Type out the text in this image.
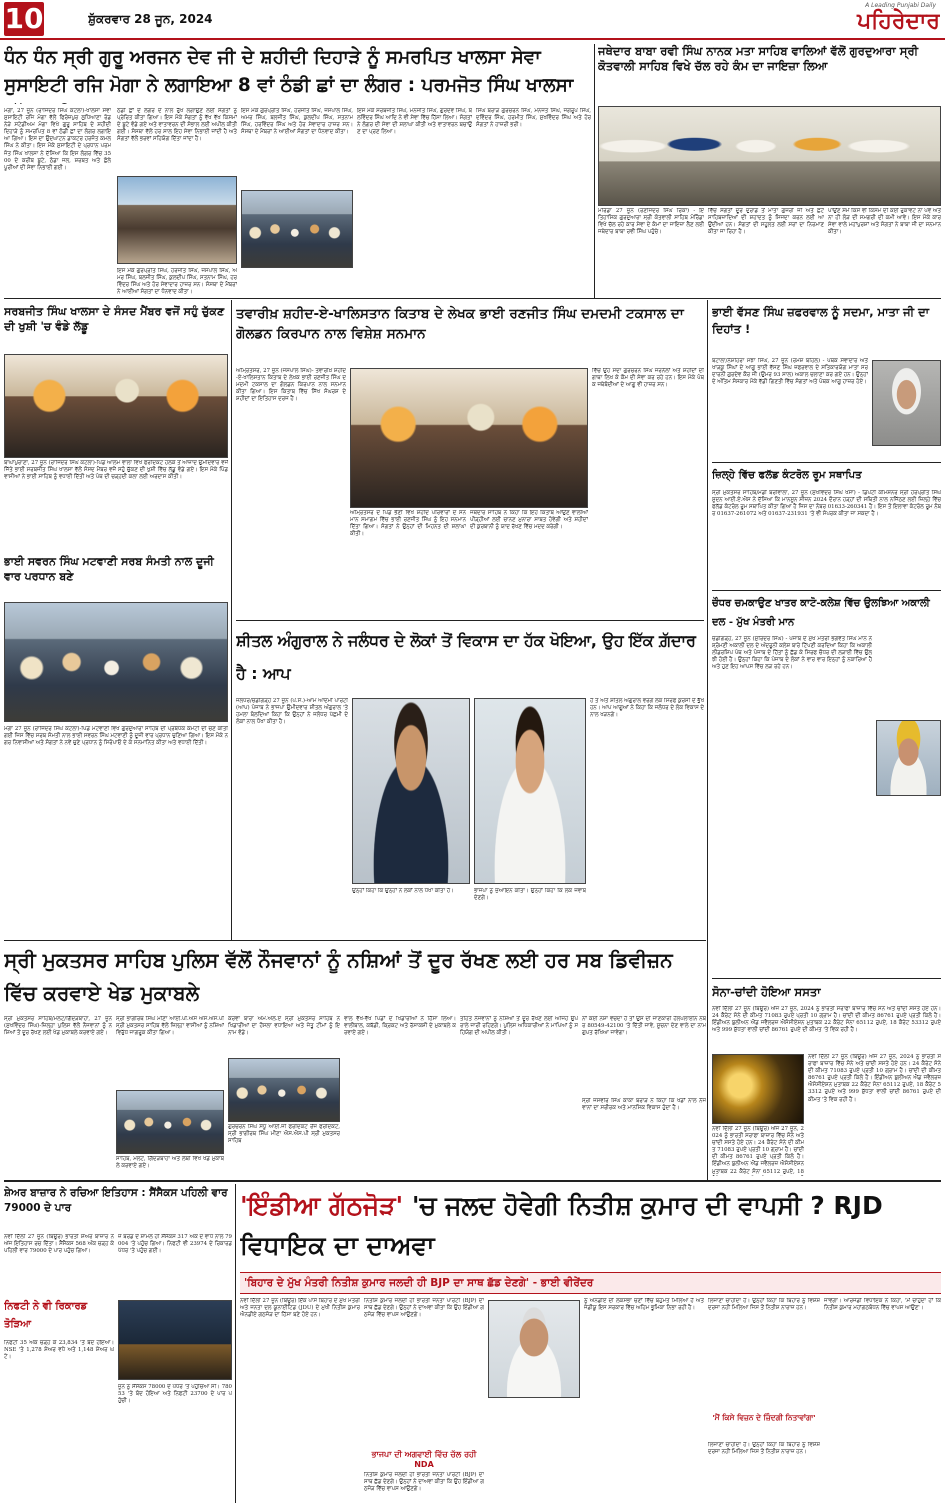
10	ਸ਼ੁੱਕਰਵਾਰ 28 ਜੂਨ, 2024
A Leading Punjabi Daily
ਪਹਿਰੇਦਾਰ
ਧੰਨ ਧੰਨ ਸ੍ਰੀ ਗੁਰੂ ਅਰਜਨ ਦੇਵ ਜੀ ਦੇ ਸ਼ਹੀਦੀ ਦਿਹਾੜੇ ਨੂੰ ਸਮਰਪਿਤ ਖਾਲਸਾ ਸੇਵਾ ਸੁਸਾਇਟੀ ਰਜਿ ਮੋਗਾ ਨੇ ਲਗਾਇਆ 8 ਵਾਂ ਠੰਡੀ ਛਾਂ ਦਾ ਲੰਗਰ : ਪਰਮਜੋਤ ਸਿੰਘ ਖਾਲਸਾ
ਮੋਗਾ, 27 ਜੂਨ (ਰਾਜਿੰਦਰ ਸਿੰਘ ਕੋਟਲਾ)-ਖਾਲਸਾ ਸੇਵਾ ਸੁਸਾਇਟੀ ਰਜਿ ਮੋਗਾ ਵੱਲੋਂ ਫਿਰੋਜ਼ਪੁਰ ਲੁਧਿਆਣਾ ਰੋਡ ਨੇੜੇ ਸਟੇਡੀਅਮ ਮੋਗਾ ਵਿਖੇ ਗੁਰੂ ਸਾਹਿਬ ਦੇ ਸ਼ਹੀਦੀ ਦਿਹਾੜੇ ਨੂੰ ਸਮਰਪਿਤ 8 ਵਾਂ ਠੰਡੀ ਛਾਂ ਦਾ ਲੰਗਰ ਲਗਾਇਆ ਗਿਆ। ਇਸ ਦਾ ਉਦਘਾਟਨ ਡਾਕਟਰ ਹਰਜੋਤ ਕਮਲ ਸਿੰਘ ਨੇ ਕੀਤਾ। ਇਸ ਮੌਕੇ ਸੁਸਾਇਟੀ ਦੇ ਪ੍ਰਧਾਨ ਪਰਮਜੋਤ ਸਿੰਘ ਖਾਲਸਾ ਨੇ ਦੱਸਿਆ ਕਿ ਇਸ ਲੰਗਰ ਵਿੱਚ 3500 ਦੇ ਕਰੀਬ ਬੂਟੇ, ਠੰਡਾ ਜਲ, ਸ਼ਰਬਤ ਅਤੇ ਛੋਲੇ ਪੂਰੀਆਂ ਦੀ ਸੇਵਾ ਨਿਭਾਈ ਗਈ।
ਠੰਡੀ ਛਾਂ ਦੇ ਲੰਗਰ ਦੇ ਨਾਲ ਰੁੱਖ ਲਗਾਉਣ ਲਈ ਸੰਗਤਾਂ ਨੂੰ ਪ੍ਰੇਰਿਤ ਕੀਤਾ ਗਿਆ। ਇਸ ਮੌਕੇ ਸੰਗਤਾਂ ਨੂੰ ਵੱਖ ਵੱਖ ਕਿਸਮਾਂ ਦੇ ਬੂਟੇ ਵੰਡੇ ਗਏ ਅਤੇ ਵਾਤਾਵਰਨ ਦੀ ਸੰਭਾਲ ਲਈ ਅਪੀਲ ਕੀਤੀ ਗਈ। ਸੰਸਥਾ ਵੱਲੋਂ ਹਰ ਸਾਲ ਇਹ ਸੇਵਾ ਨਿਭਾਈ ਜਾਂਦੀ ਹੈ ਅਤੇ ਸੰਗਤਾਂ ਵੱਲੋਂ ਭਰਵਾਂ ਸਹਿਯੋਗ ਦਿੱਤਾ ਜਾਂਦਾ ਹੈ।
ਇਸ ਮੌਕੇ ਗੁਰਪ੍ਰੀਤ ਸਿੰਘ, ਹਰਜੀਤ ਸਿੰਘ, ਜਸਪਾਲ ਸਿੰਘ, ਅਮਰ ਸਿੰਘ, ਬਲਜੀਤ ਸਿੰਘ, ਕੁਲਦੀਪ ਸਿੰਘ, ਸਤਨਾਮ ਸਿੰਘ, ਹਰਵਿੰਦਰ ਸਿੰਘ ਅਤੇ ਹੋਰ ਸੇਵਾਦਾਰ ਹਾਜ਼ਰ ਸਨ। ਸੰਸਥਾ ਦੇ ਮੈਂਬਰਾਂ ਨੇ ਆਈਆਂ ਸੰਗਤਾਂ ਦਾ ਧੰਨਵਾਦ ਕੀਤਾ।
ਇਸ ਮੌਕੇ ਸਰਬਜੀਤ ਸਿੰਘ, ਮਨਜੀਤ ਸਿੰਘ, ਗੁਰਦੇਵ ਸਿੰਘ, ਬਲਵਿੰਦਰ ਸਿੰਘ ਆਦਿ ਨੇ ਵੀ ਸੇਵਾ ਵਿੱਚ ਹਿੱਸਾ ਲਿਆ। ਸੰਗਤਾਂ ਨੇ ਲੰਗਰ ਦੀ ਸੇਵਾ ਦੀ ਸ਼ਲਾਘਾ ਕੀਤੀ ਅਤੇ ਵਾਤਾਵਰਨ ਬਚਾਉਣ ਦਾ ਪ੍ਰਣ ਲਿਆ।
ਸਿੰਘ ਬਰਾੜ ਗੁਰਚਰਨ ਸਿੰਘ, ਮਨਜਤ ਸਿੰਘ, ਜਗਰੂਪ ਸਿੰਘ, ਦਵਿੰਦਰ ਸਿੰਘ, ਹਰਮੀਤ ਸਿੰਘ, ਸੁਖਵਿੰਦਰ ਸਿੰਘ ਅਤੇ ਹੋਰ ਸੰਗਤਾਂ ਨੇ ਹਾਜ਼ਰੀ ਭਰੀ।
ਇਸ ਮੌਕੇ ਗੁਰਪ੍ਰੀਤ ਸਿੰਘ, ਹਰਜੀਤ ਸਿੰਘ, ਜਸਪਾਲ ਸਿੰਘ, ਅਮਰ ਸਿੰਘ, ਬਲਜੀਤ ਸਿੰਘ, ਕੁਲਦੀਪ ਸਿੰਘ, ਸਤਨਾਮ ਸਿੰਘ, ਹਰਵਿੰਦਰ ਸਿੰਘ ਅਤੇ ਹੋਰ ਸੇਵਾਦਾਰ ਹਾਜ਼ਰ ਸਨ। ਸੰਸਥਾ ਦੇ ਮੈਂਬਰਾਂ ਨੇ ਆਈਆਂ ਸੰਗਤਾਂ ਦਾ ਧੰਨਵਾਦ ਕੀਤਾ।
ਜਥੇਦਾਰ ਬਾਬਾ ਰਵੀ ਸਿੰਘ ਨਾਨਕ ਮਤਾ ਸਾਹਿਬ ਵਾਲਿਆਂ ਵੱਲੋਂ ਗੁਰਦੁਆਰਾ ਸ੍ਰੀ ਕੋਤਵਾਲੀ ਸਾਹਿਬ ਵਿਖੇ ਚੱਲ ਰਹੇ ਕੰਮ ਦਾ ਜਾਇਜ਼ਾ ਲਿਆ
ਮੋਰਿੰਡਾ 27 ਜੂਨ (ਰਣਜਿੰਦਰ ਸਿੰਘ ਰਿੰਕਾ) - ਇਤਿਹਾਸਿਕ ਗੁਰਦੁਆਰਾ ਸ੍ਰੀ ਕੋਤਵਾਲੀ ਸਾਹਿਬ ਮੋਰਿੰਡਾ ਵਿਖੇ ਚੱਲ ਰਹੇ ਕਾਰ ਸੇਵਾ ਦੇ ਕੰਮਾਂ ਦਾ ਜਾਇਜ਼ਾ ਲੈਣ ਲਈ ਜਥੇਦਾਰ ਬਾਬਾ ਰਵੀ ਸਿੰਘ ਪਹੁੰਚੇ।
ਵਿੱਚ ਸੰਗਤਾਂ ਦੂਰ ਦੁਰਾਡੇ ਤੋਂ ਮਾਤਾ ਗੁਜਰੀ ਜੀ ਅਤੇ ਛੋਟੇ ਸਾਹਿਬਜ਼ਾਦਿਆਂ ਦੀ ਸ਼ਹਾਦਤ ਨੂੰ ਸਿਜਦਾ ਕਰਨ ਲਈ ਆਉਂਦੀਆਂ ਹਨ। ਸੰਗਤਾਂ ਦੀ ਸਹੂਲਤ ਲਈ ਸਰਾਂ ਦਾ ਨਿਰਮਾਣ ਕੀਤਾ ਜਾ ਰਿਹਾ ਹੈ।
ਪਾਉਂਣ ਸਮੇਂ ਕਿਸੇ ਵੀ ਕਿਸਮ ਦੀ ਕੋਈ ਰੁਕਾਵਟ ਨਾ ਪਵੇ ਅਤੇ ਨਾ ਹੀ ਲੋੜ ਦੀ ਸਮਗਰੀ ਦੀ ਕਮੀ ਆਵੇ। ਇਸ ਮੌਕੇ ਕਾਰ ਸੇਵਾ ਵਾਲੇ ਮਹਾਂਪੁਰਸ਼ਾਂ ਅਤੇ ਸੰਗਤਾਂ ਨੇ ਬਾਬਾ ਜੀ ਦਾ ਸਨਮਾਨ ਕੀਤਾ।
ਸਰਬਜੀਤ ਸਿੰਘ ਖਾਲਸਾ ਦੇ ਸੰਸਦ ਮੈਂਬਰ ਵਜੋਂ ਸਹੁੰ ਚੁੱਕਣ ਦੀ ਖੁਸ਼ੀ 'ਚ ਵੰਡੇ ਲੱਡੂ
ਬਾਘਾਪੁਰਾਣਾ, 27 ਜੂਨ (ਰਾਜਿੰਦਰ ਸਿੰਘ ਕੋਟਲਾ)-ਪਿੰਡ ਆਲਮ ਵਾਲਾ ਵਿਖੇ ਫਰੀਦਕੋਟ ਹਲਕੇ ਤੋਂ ਆਜ਼ਾਦ ਉਮੀਦਵਾਰ ਵਜੋਂ ਜਿੱਤੇ ਭਾਈ ਸਰਬਜੀਤ ਸਿੰਘ ਖਾਲਸਾ ਵੱਲੋਂ ਸੰਸਦ ਮੈਂਬਰ ਵਜੋਂ ਸਹੁੰ ਚੁੱਕਣ ਦੀ ਖੁਸ਼ੀ ਵਿੱਚ ਲੱਡੂ ਵੰਡੇ ਗਏ। ਇਸ ਮੌਕੇ ਪਿੰਡ ਵਾਸੀਆਂ ਨੇ ਭਾਈ ਸਾਹਿਬ ਨੂੰ ਵਧਾਈ ਦਿੱਤੀ ਅਤੇ ਪੰਥ ਦੀ ਚੜ੍ਹਦੀ ਕਲਾ ਲਈ ਅਰਦਾਸ ਕੀਤੀ।
ਭਾਈ ਸਵਰਨ ਸਿੰਘ ਮਟਵਾਣੀ ਸਰਬ ਸੰਮਤੀ ਨਾਲ ਦੂਜੀ ਵਾਰ ਪਰਧਾਨ ਬਣੇ
ਮੋਗਾ 27 ਜੂਨ (ਰਾਜਿੰਦਰ ਸਿੰਘ ਕੋਟਲਾ)-ਪਿੰਡ ਮਟਵਾਣੀ ਵਿਖੇ ਗੁਰਦੁਆਰਾ ਸਾਹਿਬ ਦੀ ਪ੍ਰਬੰਧਕ ਕਮੇਟੀ ਦੀ ਚੋਣ ਕੀਤੀ ਗਈ ਜਿਸ ਵਿੱਚ ਸਰਬ ਸੰਮਤੀ ਨਾਲ ਭਾਈ ਸਵਰਨ ਸਿੰਘ ਮਟਵਾਣੀ ਨੂੰ ਦੂਜੀ ਵਾਰ ਪ੍ਰਧਾਨ ਚੁਣਿਆ ਗਿਆ। ਇਸ ਮੌਕੇ ਨਗਰ ਨਿਵਾਸੀਆਂ ਅਤੇ ਸੰਗਤਾਂ ਨੇ ਨਵੇਂ ਚੁਣੇ ਪ੍ਰਧਾਨ ਨੂੰ ਸਿਰੋਪਾਓ ਦੇ ਕੇ ਸਨਮਾਨਿਤ ਕੀਤਾ ਅਤੇ ਵਧਾਈ ਦਿੱਤੀ।
ਤਵਾਰੀਖ਼ ਸ਼ਹੀਦ-ਏ-ਖਾਲਿਸਤਾਨ ਕਿਤਾਬ ਦੇ ਲੇਖਕ ਭਾਈ ਰਣਜੀਤ ਸਿੰਘ ਦਮਦਮੀ ਟਕਸਾਲ ਦਾ ਗੋਲਡਨ ਕਿਰਪਾਨ ਨਾਲ ਵਿਸ਼ੇਸ਼ ਸਨਮਾਨ
ਅੰਮ੍ਰਿਤਸਰ, 27 ਜੂਨ (ਜਸਪਾਲ ਸਿੰਘ)- ਤਵਾਰੀਖ਼ ਸ਼ਹੀਦ-ਏ-ਖਾਲਿਸਤਾਨ ਕਿਤਾਬ ਦੇ ਲੇਖਕ ਭਾਈ ਰਣਜੀਤ ਸਿੰਘ ਦਮਦਮੀ ਟਕਸਾਲ ਦਾ ਗੋਲਡਨ ਕਿਰਪਾਨ ਨਾਲ ਸਨਮਾਨ ਕੀਤਾ ਗਿਆ। ਇਸ ਕਿਤਾਬ ਵਿੱਚ ਸਿੱਖ ਸੰਘਰਸ਼ ਦੇ ਸ਼ਹੀਦਾਂ ਦਾ ਇਤਿਹਾਸ ਦਰਜ ਹੈ।
ਅੰਮ੍ਰਿਤਸਰ ਦੇ ਪਿੰਡ ਭੈਣੀ ਵਿਖੇ ਸ਼ਹੀਦ ਪਰਿਵਾਰਾਂ ਦੇ ਸਨਮਾਨ ਸਮਾਗਮ ਵਿੱਚ ਭਾਈ ਰਣਜੀਤ ਸਿੰਘ ਨੂੰ ਇਹ ਸਨਮਾਨ ਦਿੱਤਾ ਗਿਆ। ਸੰਗਤਾਂ ਨੇ ਉਨ੍ਹਾਂ ਦੀ ਮਿਹਨਤ ਦੀ ਸ਼ਲਾਘਾ ਕੀਤੀ।
ਜਥੇਦਾਰ ਸਾਹਿਬ ਨੇ ਕਿਹਾ ਕਿ ਇਹ ਕਿਤਾਬ ਆਉਣ ਵਾਲੀਆਂ ਪੀੜ੍ਹੀਆਂ ਲਈ ਚਾਨਣ ਮੁਨਾਰਾ ਸਾਬਤ ਹੋਵੇਗੀ ਅਤੇ ਸ਼ਹੀਦਾਂ ਦੀ ਕੁਰਬਾਨੀ ਨੂੰ ਯਾਦ ਰੱਖਣ ਵਿੱਚ ਮਦਦ ਕਰੇਗੀ।
ਵਿੱਚ ਉਹ ਸਦਾ ਗੁਰਚਰਨ ਸਿੰਘ ਜਰਨੈਲਾਂ ਅਤੇ ਸ਼ਹੀਦਾਂ ਦੀ ਗਾਥਾ ਲਿਖ ਕੇ ਕੌਮ ਦੀ ਸੇਵਾ ਕਰ ਰਹੇ ਹਨ। ਇਸ ਮੌਕੇ ਪੰਥਕ ਜਥੇਬੰਦੀਆਂ ਦੇ ਆਗੂ ਵੀ ਹਾਜ਼ਰ ਸਨ।
ਸ਼ੀਤਲ ਅੰਗੁਰਾਲ ਨੇ ਜਲੰਧਰ ਦੇ ਲੋਕਾਂ ਤੋਂ ਵਿਕਾਸ ਦਾ ਹੱਕ ਖੋਇਆ, ਉਹ ਇੱਕ ਗ਼ੱਦਾਰ ਹੈ : ਆਪ
ਜਲੰਧਰ/ਚੰਡੀਗੜ੍ਹ 27 ਜੂਨ (ਪ.ਸ.)-ਆਮ ਆਦਮੀ ਪਾਰਟੀ (ਆਪ) ਪੰਜਾਬ ਨੇ ਭਾਜਪਾ ਉਮੀਦਵਾਰ ਸ਼ੀਤਲ ਅੰਗੁਰਾਲ 'ਤੇ ਹਮਲਾ ਬੋਲਦਿਆਂ ਕਿਹਾ ਕਿ ਉਨ੍ਹਾਂ ਨੇ ਜਲੰਧਰ ਪੱਛਮੀ ਦੇ ਲੋਕਾਂ ਨਾਲ ਧੋਖਾ ਕੀਤਾ ਹੈ।
ਉਨ੍ਹਾਂ ਕਿਹਾ ਕਿ ਉਨ੍ਹਾਂ ਨੇ ਲੋਕਾਂ ਨਾਲ ਧੋਖਾ ਕੀਤਾ ਹੈ।	ਭਾਜਪਾ ਨੂੰ ਜੁਆਇਨ ਕੀਤਾ। ਉਨ੍ਹਾਂ ਕਿਹਾ ਕਿ ਲੋਕ ਜਵਾਬ ਦੇਣਗੇ।
ਹੈ ਤੇ ਅਤੇ ਸ਼ੀਤਲ ਅੰਗੁਰਾਲ ਵਰਗੇ ਲੋਕ ਸਿਰਫ ਕੁਰਸੀ ਦੇ ਭੁੱਖੇ ਹਨ। ਆਪ ਆਗੂਆਂ ਨੇ ਕਿਹਾ ਕਿ ਜਲੰਧਰ ਦੇ ਲੋਕ ਵਿਕਾਸ ਦੇ ਨਾਲ ਖੜਨਗੇ।
ਭਾਈ ਵੱਸਣ ਸਿੰਘ ਜ਼ਫਰਵਾਲ ਨੂੰ ਸਦਮਾ, ਮਾਤਾ ਜੀ ਦਾ ਦਿਹਾਂਤ !
ਬਟਾਲਾ/ਨੌਸ਼ਹਿਰਾ ਮੱਝਾ ਸਿੰਘ, 27 ਜੂਨ (ਰਮੇਸ਼ ਬਹਿਲ) - ਪੰਥਕ ਸੇਵਾਦਾਰ ਅਤੇ ਖਾੜਕੂ ਸਿੰਘਾਂ ਦੇ ਆਗੂ ਭਾਈ ਵੱਸਣ ਸਿੰਘ ਜ਼ਫਰਵਾਲ ਦੇ ਸਤਿਕਾਰਯੋਗ ਮਾਤਾ ਸਰਦਾਰਨੀ ਗੁਰਦੇਵ ਕੌਰ ਜੀ (ਉਮਰ 93 ਸਾਲ) ਅਕਾਲ ਚਲਾਣਾ ਕਰ ਗਏ ਹਨ। ਉਨ੍ਹਾਂ ਦੇ ਅੰਤਿਮ ਸੰਸਕਾਰ ਮੌਕੇ ਵੱਡੀ ਗਿਣਤੀ ਵਿੱਚ ਸੰਗਤਾਂ ਅਤੇ ਪੰਥਕ ਆਗੂ ਹਾਜ਼ਰ ਹੋਏ।
ਜ਼ਿਲ੍ਹੇ ਵਿੱਚ ਫਲੱਡ ਕੰਟਰੋਲ ਰੂਮ ਸਥਾਪਿਤ
ਸ੍ਰੀ ਮੁਕਤਸਰ ਸਾਹਿਬ/ਮੰਡੀ ਬਰੀਵਾਲਾ, 27 ਜੂਨ (ਸੁਖਵਿੰਦਰ ਸਿੰਘ ਖੋਸਾ) - ਡਿਪਟੀ ਕਮਿਸ਼ਨਰ ਸ੍ਰੀ ਹਰਪ੍ਰੀਤ ਸਿੰਘ ਸੂਦਨ ਆਈ.ਏ.ਐਸ ਨੇ ਦੱਸਿਆ ਕਿ ਮਾਨਸੂਨ ਸੀਜ਼ਨ 2024 ਦੌਰਾਨ ਹੜ੍ਹਾਂ ਦੀ ਸਥਿਤੀ ਨਾਲ ਨਜਿੱਠਣ ਲਈ ਜ਼ਿਲ੍ਹੇ ਵਿੱਚ ਫਲੱਡ ਕੰਟਰੋਲ ਰੂਮ ਸਥਾਪਿਤ ਕੀਤਾ ਗਿਆ ਹੈ ਜਿਸ ਦਾ ਨੰਬਰ 01633-260341 ਹੈ। ਇਸ ਤੋਂ ਇਲਾਵਾ ਕੰਟਰੋਲ ਰੂਮ ਨੰਬਰ 01637-261072 ਅਤੇ 01637-231931 'ਤੇ ਵੀ ਸੰਪਰਕ ਕੀਤਾ ਜਾ ਸਕਦਾ ਹੈ।
ਚੌਧਰ ਚਮਕਾਉਣ ਖਾਤਰ ਕਾਟੋ-ਕਲੇਸ਼ ਵਿੱਚ ਉਲਝਿਆ ਅਕਾਲੀ ਦਲ - ਮੁੱਖ ਮੰਤਰੀ ਮਾਨ
ਚੰਡੀਗੜ੍ਹ, 27 ਜੂਨ (ਸੁਰਿੰਦਰ ਸਿੰਘ) - ਪੰਜਾਬ ਦੇ ਮੁੱਖ ਮੰਤਰੀ ਭਗਵੰਤ ਸਿੰਘ ਮਾਨ ਨੇ ਸ਼੍ਰੋਮਣੀ ਅਕਾਲੀ ਦਲ ਦੇ ਅੰਦਰੂਨੀ ਕਲੇਸ਼ ਬਾਰੇ ਟਿੱਪਣੀ ਕਰਦਿਆਂ ਕਿਹਾ ਕਿ ਅਕਾਲੀ ਲੀਡਰਸ਼ਿਪ ਪੰਥ ਅਤੇ ਪੰਜਾਬ ਦੇ ਹਿੱਤਾਂ ਨੂੰ ਛੱਡ ਕੇ ਸਿਰਫ ਚੌਧਰ ਦੀ ਲੜਾਈ ਵਿੱਚ ਉਲਝੀ ਹੋਈ ਹੈ। ਉਨ੍ਹਾਂ ਕਿਹਾ ਕਿ ਪੰਜਾਬ ਦੇ ਲੋਕਾਂ ਨੇ ਵਾਰ ਵਾਰ ਇਨ੍ਹਾਂ ਨੂੰ ਨਕਾਰਿਆ ਹੈ ਅਤੇ ਹੁਣ ਇਹ ਆਪਸ ਵਿੱਚ ਲੜ ਰਹੇ ਹਨ।
ਸੋਨਾ-ਚਾਂਦੀ ਹੋਇਆ ਸਸਤਾ
ਨਵੀਂ ਦਿੱਲੀ 27 ਜੂਨ (ਬਿਊਰੋ) ਅੱਜ 27 ਜੂਨ, 2024 ਨੂੰ ਭਾਰਤੀ ਸਰਾਫਾ ਬਾਜ਼ਾਰ ਵਿੱਚ ਸੋਨੇ ਅਤੇ ਚਾਂਦੀ ਸਸਤੇ ਹੋਏ ਹਨ। 24 ਕੈਰੇਟ ਸੋਨੇ ਦੀ ਕੀਮਤ 71083 ਰੁਪਏ ਪ੍ਰਤੀ 10 ਗ੍ਰਾਮ ਹੈ। ਚਾਂਦੀ ਦੀ ਕੀਮਤ 86761 ਰੁਪਏ ਪ੍ਰਤੀ ਕਿਲੋ ਹੈ। ਇੰਡੀਅਨ ਬੁਲੀਅਨ ਐਂਡ ਜਵੈਲਰਜ਼ ਐਸੋਸੀਏਸ਼ਨ ਮੁਤਾਬਕ 22 ਕੈਰੇਟ ਸੋਨਾ 65112 ਰੁਪਏ, 18 ਕੈਰੇਟ 53312 ਰੁਪਏ ਅਤੇ 999 ਸ਼ੁੱਧਤਾ ਵਾਲੀ ਚਾਂਦੀ 86761 ਰੁਪਏ ਦੀ ਕੀਮਤ 'ਤੇ ਵਿਕ ਰਹੀ ਹੈ।
ਨਵੀਂ ਦਿੱਲੀ 27 ਜੂਨ (ਬਿਊਰੋ) ਅੱਜ 27 ਜੂਨ, 2024 ਨੂੰ ਭਾਰਤੀ ਸਰਾਫਾ ਬਾਜ਼ਾਰ ਵਿੱਚ ਸੋਨੇ ਅਤੇ ਚਾਂਦੀ ਸਸਤੇ ਹੋਏ ਹਨ। 24 ਕੈਰੇਟ ਸੋਨੇ ਦੀ ਕੀਮਤ 71083 ਰੁਪਏ ਪ੍ਰਤੀ 10 ਗ੍ਰਾਮ ਹੈ। ਚਾਂਦੀ ਦੀ ਕੀਮਤ 86761 ਰੁਪਏ ਪ੍ਰਤੀ ਕਿਲੋ ਹੈ। ਇੰਡੀਅਨ ਬੁਲੀਅਨ ਐਂਡ ਜਵੈਲਰਜ਼ ਐਸੋਸੀਏਸ਼ਨ ਮੁਤਾਬਕ 22 ਕੈਰੇਟ ਸੋਨਾ 65112 ਰੁਪਏ, 18 ਕੈਰੇਟ 53312 ਰੁਪਏ ਅਤੇ 999 ਸ਼ੁੱਧਤਾ ਵਾਲੀ ਚਾਂਦੀ 86761 ਰੁਪਏ ਦੀ ਕੀਮਤ 'ਤੇ ਵਿਕ ਰਹੀ ਹੈ।
ਨਵੀਂ ਦਿੱਲੀ 27 ਜੂਨ (ਬਿਊਰੋ) ਅੱਜ 27 ਜੂਨ, 2024 ਨੂੰ ਭਾਰਤੀ ਸਰਾਫਾ ਬਾਜ਼ਾਰ ਵਿੱਚ ਸੋਨੇ ਅਤੇ ਚਾਂਦੀ ਸਸਤੇ ਹੋਏ ਹਨ। 24 ਕੈਰੇਟ ਸੋਨੇ ਦੀ ਕੀਮਤ 71083 ਰੁਪਏ ਪ੍ਰਤੀ 10 ਗ੍ਰਾਮ ਹੈ। ਚਾਂਦੀ ਦੀ ਕੀਮਤ 86761 ਰੁਪਏ ਪ੍ਰਤੀ ਕਿਲੋ ਹੈ। ਇੰਡੀਅਨ ਬੁਲੀਅਨ ਐਂਡ ਜਵੈਲਰਜ਼ ਐਸੋਸੀਏਸ਼ਨ ਮੁਤਾਬਕ 22 ਕੈਰੇਟ ਸੋਨਾ 65112 ਰੁਪਏ, 18
ਸ੍ਰੀ ਮੁਕਤਸਰ ਸਾਹਿਬ ਪੁਲਿਸ ਵੱਲੋਂ ਨੌਜਵਾਨਾਂ ਨੂੰ ਨਸ਼ਿਆਂ ਤੋਂ ਦੂਰ ਰੱਖਣ ਲਈ ਹਰ ਸਬ ਡਿਵੀਜ਼ਨ ਵਿੱਚ ਕਰਵਾਏ ਖੇਡ ਮੁਕਾਬਲੇ
ਸ੍ਰੀ ਮੁਕਤਸਰ ਸਾਹਿਬ/ਮਲੋਟ/ਗਿੱਦੜਬਾਹਾ, 27 ਜੂਨ (ਸੁਖਵਿੰਦਰ ਸਿੰਘ)-ਜ਼ਿਲ੍ਹਾ ਪੁਲਿਸ ਵੱਲੋਂ ਨੌਜਵਾਨਾਂ ਨੂੰ ਨਸ਼ਿਆਂ ਤੋਂ ਦੂਰ ਰੱਖਣ ਲਈ ਖੇਡ ਮੁਕਾਬਲੇ ਕਰਵਾਏ ਗਏ।
ਸ੍ਰੀ ਭਾਗੀਰਥ ਸਿੰਘ ਮੀਣਾ ਆਈ.ਪੀ.ਐਸ ਐਸ.ਐਸ.ਪੀ ਸ੍ਰੀ ਮੁਕਤਸਰ ਸਾਹਿਬ ਵੱਲੋਂ ਜ਼ਿਲ੍ਹਾ ਵਾਸੀਆਂ ਨੂੰ ਨਸ਼ਿਆਂ ਵਿਰੁੱਧ ਜਾਗਰੂਕ ਕੀਤਾ ਗਿਆ।
ਸਾਹਿਬ, ਮਲੋਟ, ਗਿੱਦੜਬਾਹਾ ਅਤੇ ਲੰਬੀ ਵਿਖੇ ਖੇਡ ਮੁਕਾਬਲੇ ਕਰਵਾਏ ਗਏ।
ਕਰਵਾ ਬਾਰਾ ਐਮ.ਐਲ.ਏ ਸ੍ਰੀ ਮੁਕਤਸਰ ਸਾਹਿਬ ਨੇ ਖਿਡਾਰੀਆਂ ਦਾ ਹੌਸਲਾ ਵਧਾਇਆ ਅਤੇ ਜੇਤੂ ਟੀਮਾਂ ਨੂੰ ਇਨਾਮ ਵੰਡੇ।
ਗੁਰਚਰਨ ਸਿੰਘ ਸੰਧੂ ਆਈ.ਜੀ ਫਰੀਦਕੋਟ ਰੇਂਜ ਫਰੀਦਕੋਟ, ਸ੍ਰੀ ਭਾਗੀਰਥ ਸਿੰਘ ਮੀਣਾ ਐਸ.ਐਸ.ਪੀ ਸ੍ਰੀ ਮੁਕਤਸਰ ਸਾਹਿਬ
ਵਾਲ ਵੱਖ-ਵੱਖ ਪਿੰਡਾਂ ਦੇ ਖਿਡਾਰੀਆਂ ਨੇ ਹਿੱਸਾ ਲਿਆ। ਵਾਲੀਬਾਲ, ਕਬੱਡੀ, ਕ੍ਰਿਕਟ ਅਤੇ ਰੱਸਾਕਸ਼ੀ ਦੇ ਮੁਕਾਬਲੇ ਕਰਵਾਏ ਗਏ।
ਤਹਿਤ ਨੌਜਵਾਨਾਂ ਨੂੰ ਨਸ਼ਿਆਂ ਤੋਂ ਦੂਰ ਰੱਖਣ ਲਈ ਅਜਿਹੇ ਉਪਰਾਲੇ ਜਾਰੀ ਰਹਿਣਗੇ। ਪੁਲਿਸ ਅਧਿਕਾਰੀਆਂ ਨੇ ਮਾਪਿਆਂ ਨੂੰ ਸਹਿਯੋਗ ਦੀ ਅਪੀਲ ਕੀਤੀ।
ਨਾਂ ਕੋਈ ਨਸ਼ਾ ਵੇਚਦਾ ਹੈ ਤਾਂ ਉਸ ਦੀ ਜਾਣਕਾਰੀ ਹੈਲਪਲਾਈਨ ਨੰਬਰ 80549-42100 'ਤੇ ਦਿੱਤੀ ਜਾਵੇ, ਸੂਚਨਾ ਦੇਣ ਵਾਲੇ ਦਾ ਨਾਮ ਗੁਪਤ ਰੱਖਿਆ ਜਾਵੇਗਾ।
ਸ੍ਰੀ ਜਸਵੀਰ ਸਿੰਘ ਕਾਕਾ ਬਰਾੜ ਨੇ ਕਿਹਾ ਕਿ ਖੇਡਾਂ ਨਾਲ ਨੌਜਵਾਨਾਂ ਦਾ ਸਰੀਰਕ ਅਤੇ ਮਾਨਸਿਕ ਵਿਕਾਸ ਹੁੰਦਾ ਹੈ।
ਸ਼ੇਅਰ ਬਾਜ਼ਾਰ ਨੇ ਰਚਿਆ ਇਤਿਹਾਸ : ਸੈਂਸੈਕਸ ਪਹਿਲੀ ਵਾਰ 79000 ਦੇ ਪਾਰ
ਨਵੀਂ ਦਿੱਲੀ 27 ਜੂਨ (ਬਿਊਰੋ) ਭਾਰਤੀ ਸ਼ੇਅਰ ਬਾਜ਼ਾਰ ਨੇ ਅੱਜ ਇਤਿਹਾਸ ਰਚ ਦਿੱਤਾ। ਸੈਂਸੈਕਸ 568 ਅੰਕ ਚੜ੍ਹ ਕੇ ਪਹਿਲੀ ਵਾਰ 79000 ਦੇ ਪਾਰ ਪਹੁੰਚ ਗਿਆ।
ਜ਼ੇ ਬੋਰਡ ਦੇ ਸ਼ਾਮਲ ਹੀ ਸੈਂਸੈਕਸ 317 ਅੰਕ ਦੇ ਵਾਧੇ ਨਾਲ 79004 'ਤੇ ਪਹੁੰਚ ਗਿਆ। ਨਿਫਟੀ ਵੀ 23974 ਦੇ ਰਿਕਾਰਡ ਪੱਧਰ 'ਤੇ ਪਹੁੰਚ ਗਈ।
ਨਿਫਟੀ ਨੇ ਵੀ ਰਿਕਾਰਡ ਤੋੜਿਆ
ਨਿਫਟੀ 35 ਅੰਕ ਚੜ੍ਹ ਕੇ 23,834 'ਤੇ ਬੰਦ ਹੋਇਆ। NSE 'ਤੇ 1,278 ਸ਼ੇਅਰ ਵਧੇ ਅਤੇ 1,148 ਸ਼ੇਅਰ ਘਟੇ।
ਜੂਨ ਨੂੰ ਸੈਂਸੈਕਸ 78000 ਦੇ ਪੱਧਰ 'ਤੇ ਪਹੁੰਚਿਆ ਸੀ। 78053 'ਤੇ ਬੰਦ ਹੋਇਆ ਅਤੇ ਨਿਫਟੀ 23700 ਦੇ ਪਾਰ ਪਹੁੰਚੀ।
'ਇੰਡੀਆ ਗੱਠਜੋੜ' 'ਚ ਜਲਦ ਹੋਵੇਗੀ ਨਿਤੀਸ਼ ਕੁਮਾਰ ਦੀ ਵਾਪਸੀ ? RJD ਵਿਧਾਇਕ ਦਾ ਦਾਅਵਾ
'ਬਿਹਾਰ ਦੇ ਮੁੱਖ ਮੰਤਰੀ ਨਿਤੀਸ਼ ਕੁਮਾਰ ਜਲਦੀ ਹੀ BJP ਦਾ ਸਾਥ ਛੱਡ ਦੇਣਗੇ' - ਭਾਈ ਵੀਰੇਂਦਰ
ਨਵੀਂ ਦਿੱਲੀ 27 ਜੂਨ (ਬਿਊਰੋ) ਇੱਕ ਪਾਸੇ ਬਿਹਾਰ ਦੇ ਮੁੱਖ ਮੰਤਰੀ ਅਤੇ ਜਨਤਾ ਦਲ ਯੂਨਾਈਟਿਡ (JDU) ਦੇ ਮੁਖੀ ਨਿਤੀਸ਼ ਕੁਮਾਰ ਐਨਡੀਏ ਗਠਜੋੜ ਦਾ ਹਿੱਸਾ ਬਣੇ ਹੋਏ ਹਨ।
ਨਿਤੀਸ਼ ਕੁਮਾਰ ਜਲਦੀ ਹੀ ਭਾਰਤੀ ਜਨਤਾ ਪਾਰਟੀ (BJP) ਦਾ ਸਾਥ ਛੱਡ ਦੇਣਗੇ। ਉਨ੍ਹਾਂ ਨੇ ਦਾਅਵਾ ਕੀਤਾ ਕਿ ਉਹ ਇੰਡੀਆ ਗਠਜੋੜ ਵਿੱਚ ਵਾਪਸ ਆਉਣਗੇ।
ਭਾਜਪਾ ਦੀ ਅਗਵਾਈ ਵਿੱਚ ਚੱਲ ਰਹੀ NDA
ਨਿਤੀਸ਼ ਕੁਮਾਰ ਜਲਦੀ ਹੀ ਭਾਰਤੀ ਜਨਤਾ ਪਾਰਟੀ (BJP) ਦਾ ਸਾਥ ਛੱਡ ਦੇਣਗੇ। ਉਨ੍ਹਾਂ ਨੇ ਦਾਅਵਾ ਕੀਤਾ ਕਿ ਉਹ ਇੰਡੀਆ ਗਠਜੋੜ ਵਿੱਚ ਵਾਪਸ ਆਉਣਗੇ।
ਨੂੰ ਐਨਡੀਏ ਦੀ ਲੋਕਸਭਾ ਚੋਣਾਂ ਵਿੱਚ ਬਹੁਮਤ ਮਿਲਿਆ ਹੈ ਅਤੇ ਜੇਡੀਯੂ ਇਸ ਸਰਕਾਰ ਵਿੱਚ ਅਹਿਮ ਭੂਮਿਕਾ ਨਿਭਾ ਰਹੀ ਹੈ।
ਲਿਜਾਣਾ ਚਾਹੀਦਾ ਹੈ। ਉਨ੍ਹਾਂ ਕਿਹਾ ਕਿ ਬਿਹਾਰ ਨੂੰ ਵਿਸ਼ੇਸ਼ ਦਰਜਾ ਨਹੀਂ ਮਿਲਿਆ ਜਿਸ ਤੋਂ ਨਿਤੀਸ਼ ਨਾਰਾਜ਼ ਹਨ।
'ਮੈਂ ਕਿਸੇ ਵਿਜ਼ਨ ਦੇ ਜ਼ਿੰਦਗੀ ਨਿਤਾਵਾਂਗਾ'
ਲਿਜਾਣਾ ਚਾਹੀਦਾ ਹੈ। ਉਨ੍ਹਾਂ ਕਿਹਾ ਕਿ ਬਿਹਾਰ ਨੂੰ ਵਿਸ਼ੇਸ਼ ਦਰਜਾ ਨਹੀਂ ਮਿਲਿਆ ਜਿਸ ਤੋਂ ਨਿਤੀਸ਼ ਨਾਰਾਜ਼ ਹਨ।
ਜਾਵੇਗਾ। ਆਰਜੇਡੀ ਵਿਧਾਇਕ ਨੇ ਕਿਹਾ, 'ਮੈਂ ਚਾਹੁੰਦਾ ਹਾਂ ਕਿ ਨਿਤੀਸ਼ ਕੁਮਾਰ ਮਹਾਂਗਠਬੰਧਨ ਵਿੱਚ ਵਾਪਸ ਆਉਣ'।
